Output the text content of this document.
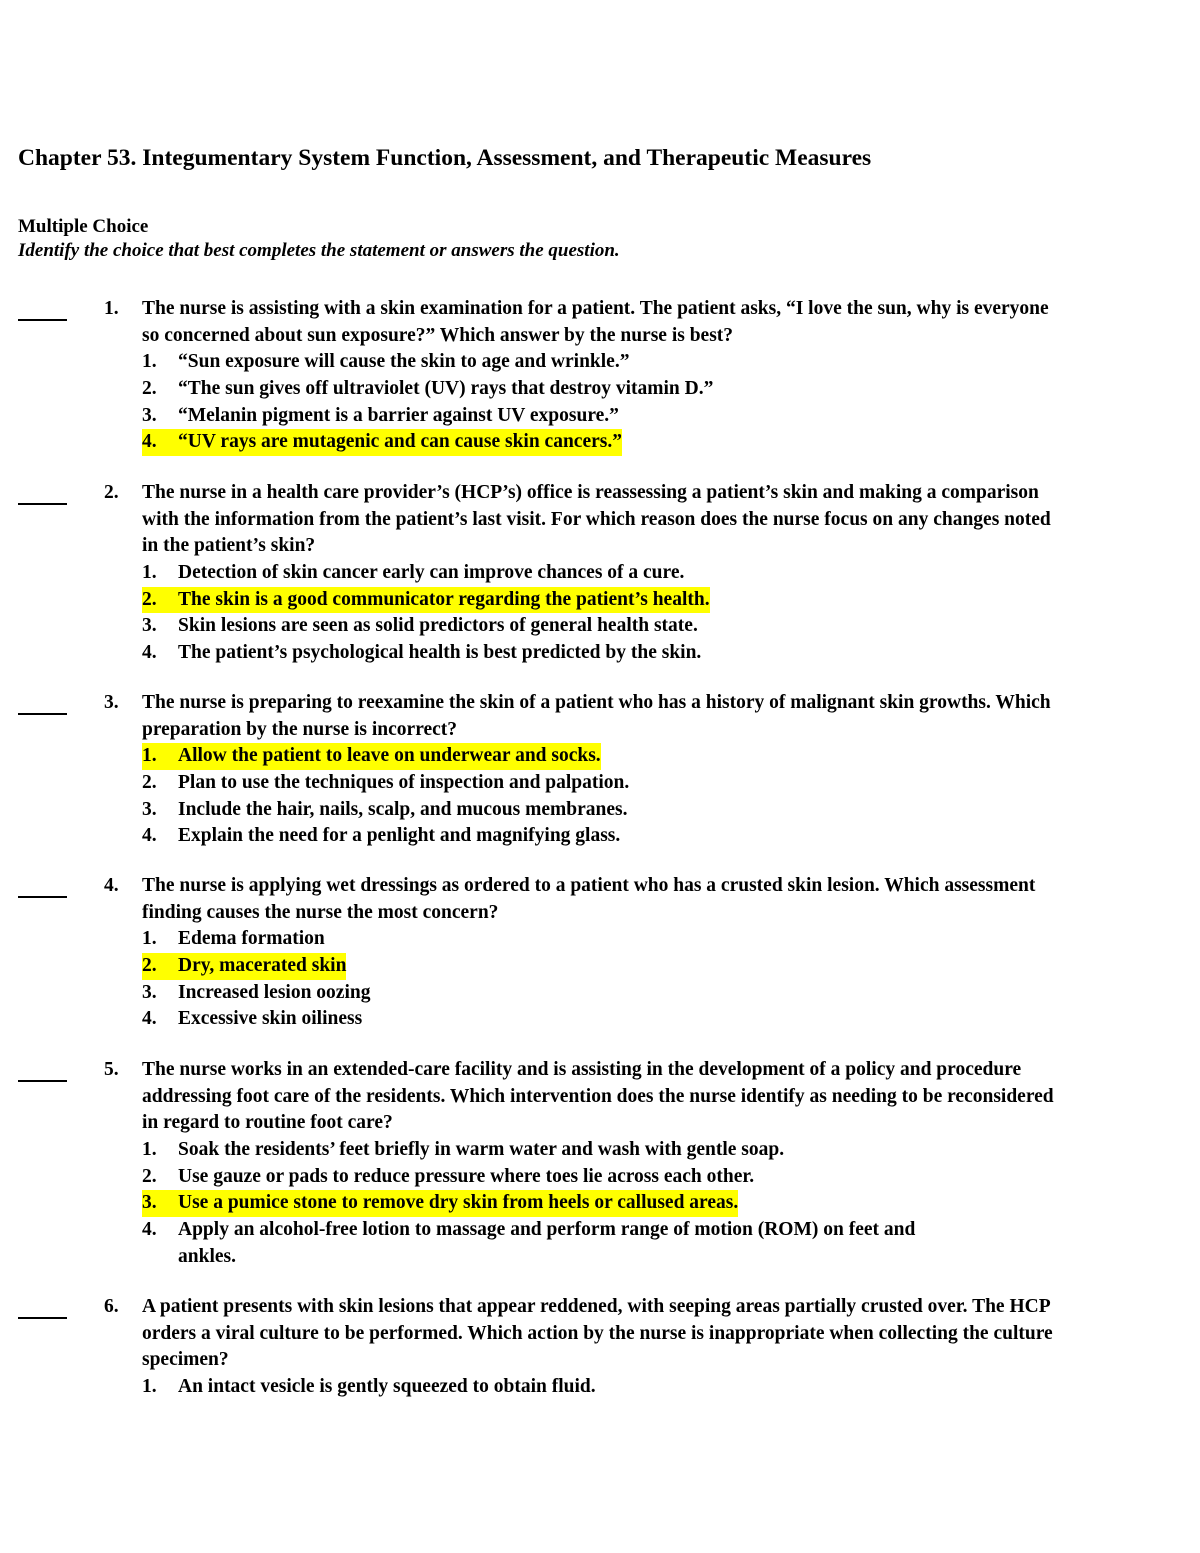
Chapter 53. Integumentary System Function, Assessment, and Therapeutic Measures
Multiple Choice
Identify the choice that best completes the statement or answers the question.
1. The nurse is assisting with a skin examination for a patient. The patient asks, “I love the sun, why is everyone so concerned about sun exposure?” Which answer by the nurse is best?
1. “Sun exposure will cause the skin to age and wrinkle.”
2. “The sun gives off ultraviolet (UV) rays that destroy vitamin D.”
3. “Melanin pigment is a barrier against UV exposure.”
4. “UV rays are mutagenic and can cause skin cancers.”
2. The nurse in a health care provider’s (HCP’s) office is reassessing a patient’s skin and making a comparison with the information from the patient’s last visit. For which reason does the nurse focus on any changes noted in the patient’s skin?
1. Detection of skin cancer early can improve chances of a cure.
2. The skin is a good communicator regarding the patient’s health.
3. Skin lesions are seen as solid predictors of general health state.
4. The patient’s psychological health is best predicted by the skin.
3. The nurse is preparing to reexamine the skin of a patient who has a history of malignant skin growths. Which preparation by the nurse is incorrect?
1. Allow the patient to leave on underwear and socks.
2. Plan to use the techniques of inspection and palpation.
3. Include the hair, nails, scalp, and mucous membranes.
4. Explain the need for a penlight and magnifying glass.
4. The nurse is applying wet dressings as ordered to a patient who has a crusted skin lesion. Which assessment finding causes the nurse the most concern?
1. Edema formation
2. Dry, macerated skin
3. Increased lesion oozing
4. Excessive skin oiliness
5. The nurse works in an extended-care facility and is assisting in the development of a policy and procedure addressing foot care of the residents. Which intervention does the nurse identify as needing to be reconsidered in regard to routine foot care?
1. Soak the residents’ feet briefly in warm water and wash with gentle soap.
2. Use gauze or pads to reduce pressure where toes lie across each other.
3. Use a pumice stone to remove dry skin from heels or callused areas.
4. Apply an alcohol-free lotion to massage and perform range of motion (ROM) on feet and ankles.
6. A patient presents with skin lesions that appear reddened, with seeping areas partially crusted over. The HCP orders a viral culture to be performed. Which action by the nurse is inappropriate when collecting the culture specimen?
1. An intact vesicle is gently squeezed to obtain fluid.
